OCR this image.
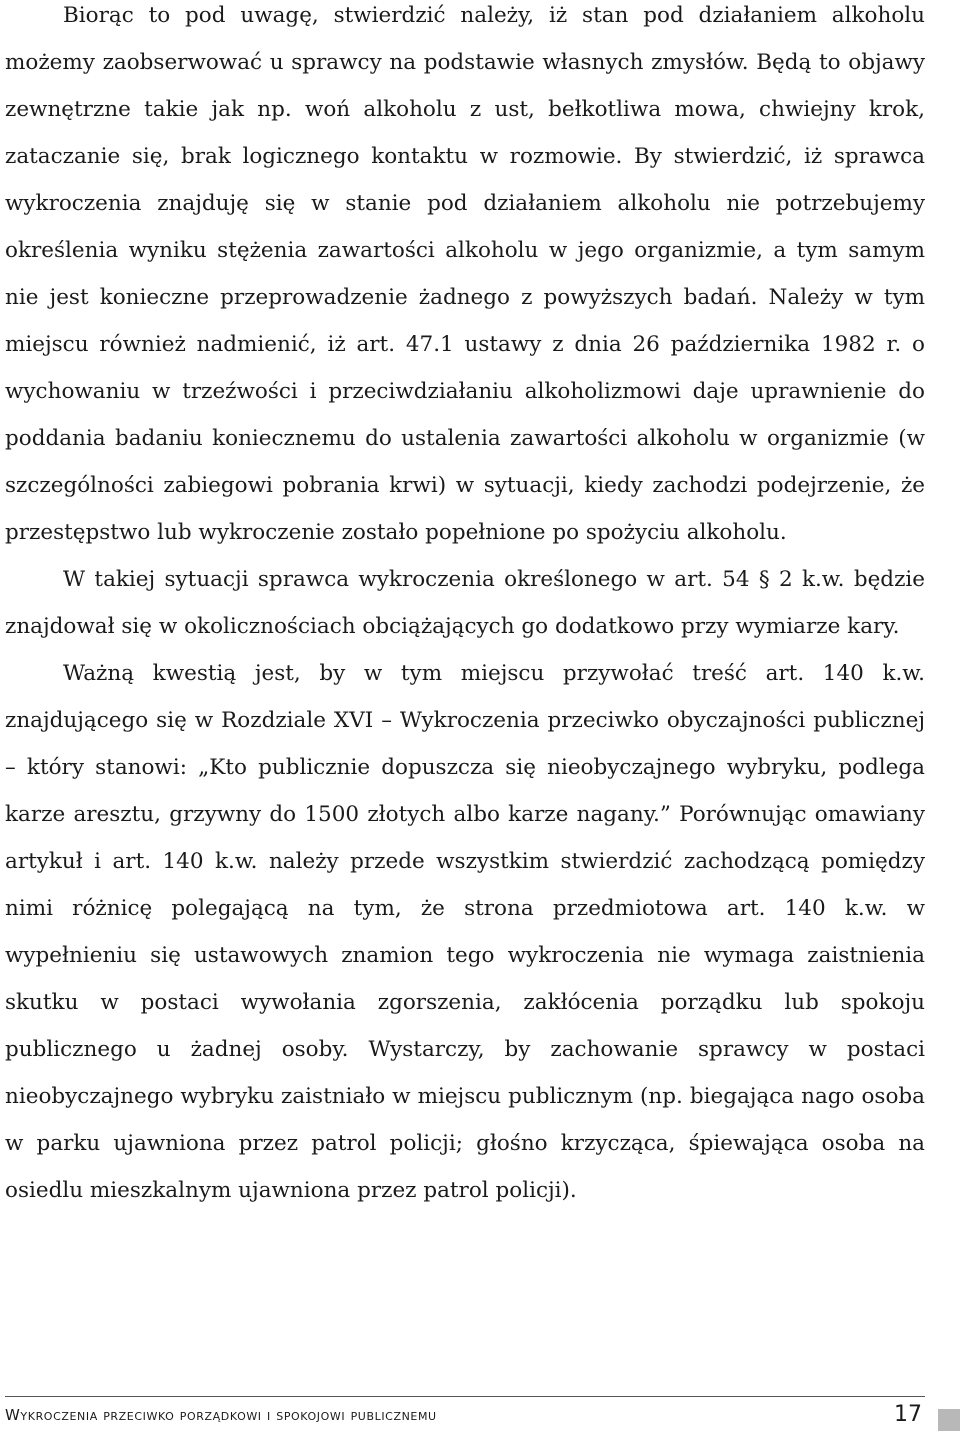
Biorąc to pod uwagę, stwierdzić należy, iż stan pod działaniem alkoholu możemy zaobserwować u sprawcy na podstawie własnych zmysłów. Będą to objawy zewnętrzne takie jak np. woń alkoholu z ust, bełkotliwa mowa, chwiejny krok, zataczanie się, brak logicznego kontaktu w rozmowie. By stwierdzić, iż sprawca wykroczenia znajduję się w stanie pod działaniem alkoholu nie potrzebujemy określenia wyniku stężenia zawartości alkoholu w jego organizmie, a tym samym nie jest konieczne przeprowadzenie żadnego z powyższych badań. Należy w tym miejscu również nadmienić, iż art. 47.1 ustawy z dnia 26 października 1982 r. o wychowaniu w trzeźwości i przeciwdziałaniu alkoholizmowi daje uprawnienie do poddania badaniu koniecznemu do ustalenia zawartości alkoholu w organizmie (w szczególności zabiegowi pobrania krwi) w sytuacji, kiedy zachodzi podejrzenie, że przestępstwo lub wykroczenie zostało popełnione po spożyciu alkoholu.

W takiej sytuacji sprawca wykroczenia określonego w art. 54 § 2 k.w. będzie znajdował się w okolicznościach obciążających go dodatkowo przy wymiarze kary.

Ważną kwestią jest, by w tym miejscu przywołać treść art. 140 k.w. znajdującego się w Rozdziale XVI – Wykroczenia przeciwko obyczajności publicznej – który stanowi: „Kto publicznie dopuszcza się nieobyczajnego wybryku, podlega karze aresztu, grzywny do 1500 złotych albo karze nagany.” Porównując omawiany artykuł i art. 140 k.w. należy przede wszystkim stwierdzić zachodzącą pomiędzy nimi różnicę polegającą na tym, że strona przedmiotowa art. 140 k.w. w wypełnieniu się ustawowych znamion tego wykroczenia nie wymaga zaistnienia skutku w postaci wywołania zgorszenia, zakłócenia porządku lub spokoju publicznego u żadnej osoby. Wystarczy, by zachowanie sprawcy w postaci nieobyczajnego wybryku zaistniało w miejscu publicznym (np. biegająca nago osoba w parku ujawniona przez patrol policji; głośno krzycząca, śpiewająca osoba na osiedlu mieszkalnym ujawniona przez patrol policji).

Wykroczenia przeciwko porządkowi i spokojowi publicznemu	17
